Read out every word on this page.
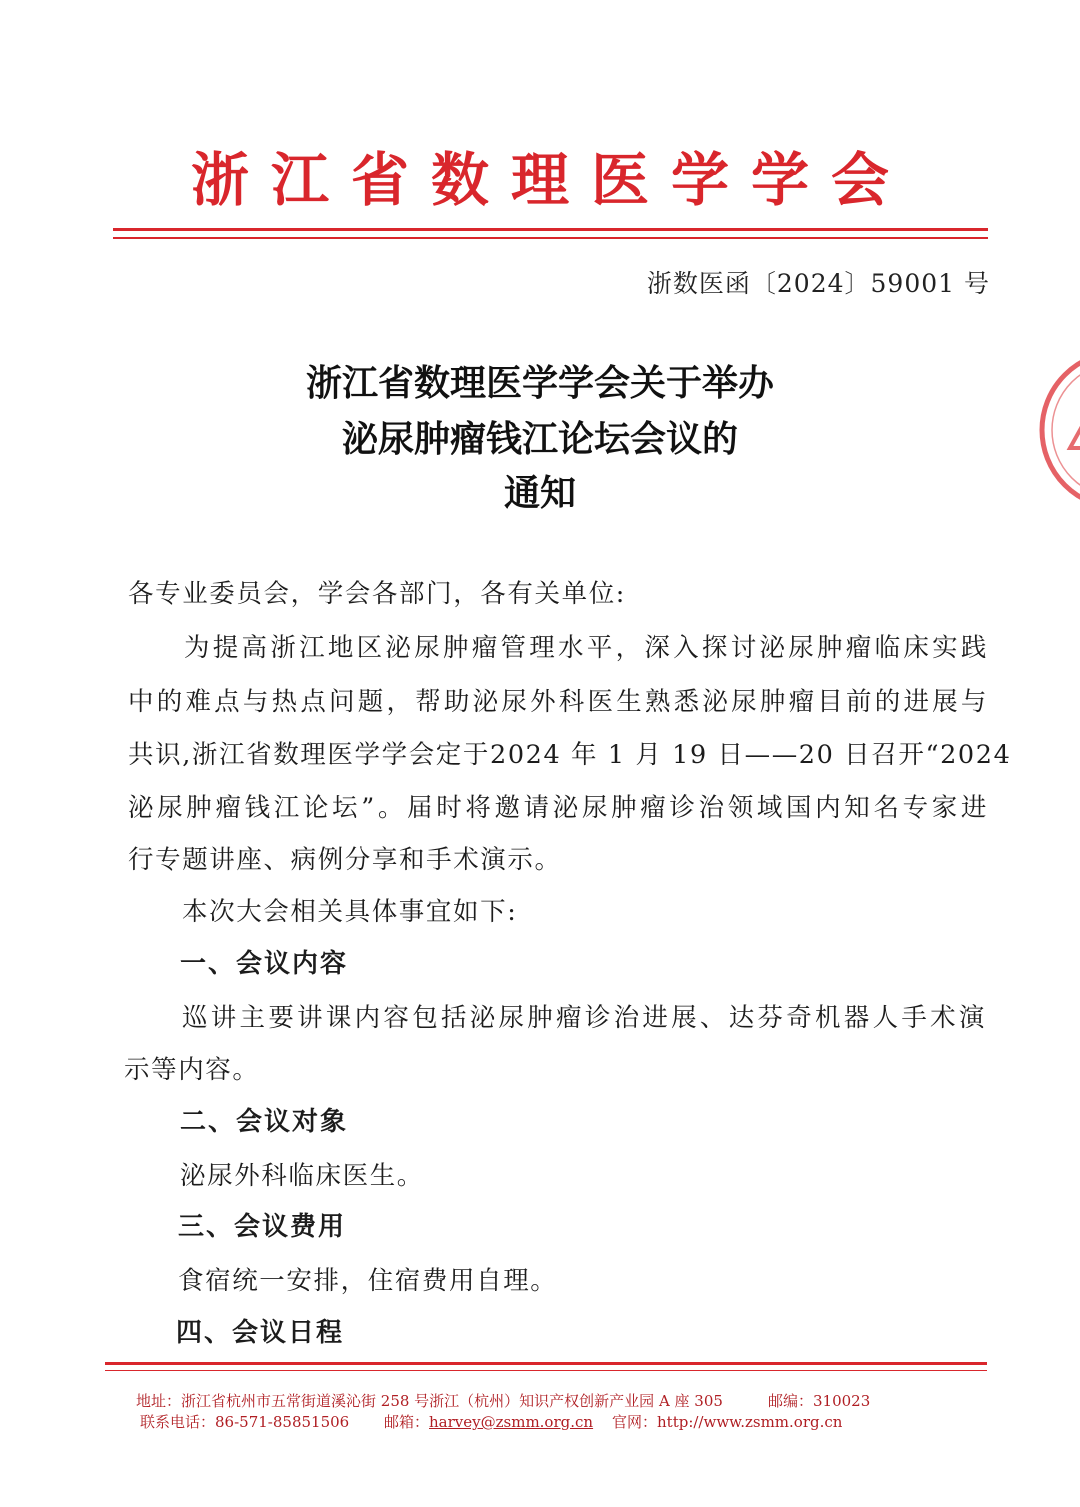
浙江省数理医学学会
浙数医函〔2024〕59001 号
浙江省数理医学学会关于举办
泌尿肿瘤钱江论坛会议的
通知
各专业委员会，学会各部门，各有关单位:
为提高浙江地区泌尿肿瘤管理水平，深入探讨泌尿肿瘤临床实践
中的难点与热点问题，帮助泌尿外科医生熟悉泌尿肿瘤目前的进展与
共识,浙江省数理医学学会定于2024 年 1 月 19 日——20 日召开“2024
泌尿肿瘤钱江论坛”。届时将邀请泌尿肿瘤诊治领域国内知名专家进
行专题讲座、病例分享和手术演示。
本次大会相关具体事宜如下:
一、会议内容
巡讲主要讲课内容包括泌尿肿瘤诊治进展、达芬奇机器人手术演
示等内容。
二、会议对象
泌尿外科临床医生。
三、会议费用
食宿统一安排，住宿费用自理。
四、会议日程
地址：浙江省杭州市五常街道溪沁街 258 号浙江（杭州）知识产权创新产业园 A 座 305	邮编：310023
联系电话：86-571-85851506 邮箱：harvey@zsmm.org.cn 官网：http://www.zsmm.org.cn
